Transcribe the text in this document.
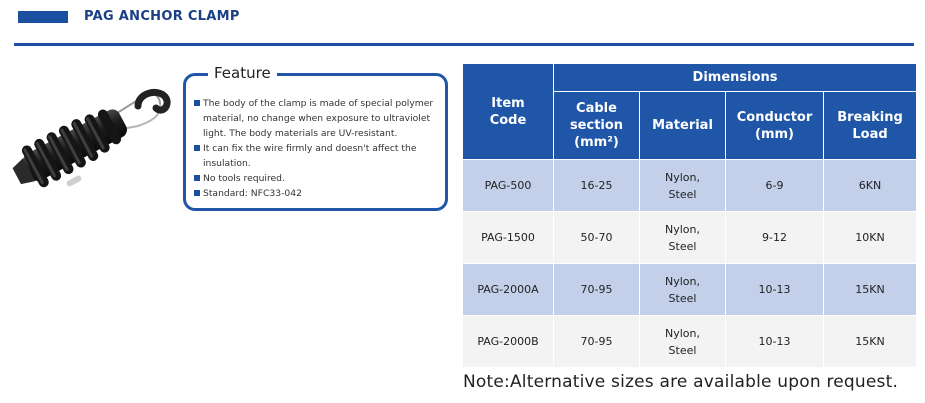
PAG ANCHOR CLAMP
Feature
The body of the clamp is made of special polymer material, no change when exposure to ultraviolet light. The body materials are UV-resistant.
It can fix the wire firmly and doesn't affect the insulation.
No tools required.
Standard: NFC33-042
Item Code	Dimensions			

	Cable section (mm²)	Material	Conductor (mm)	Breaking Load

PAG-500	16-25	Nylon, Steel	6-9	6KN
PAG-1500	50-70	Nylon, Steel	9-12	10KN
PAG-2000A	70-95	Nylon, Steel	10-13	15KN
PAG-2000B	70-95	Nylon, Steel	10-13	15KN
Note:Alternative sizes are available upon request.
